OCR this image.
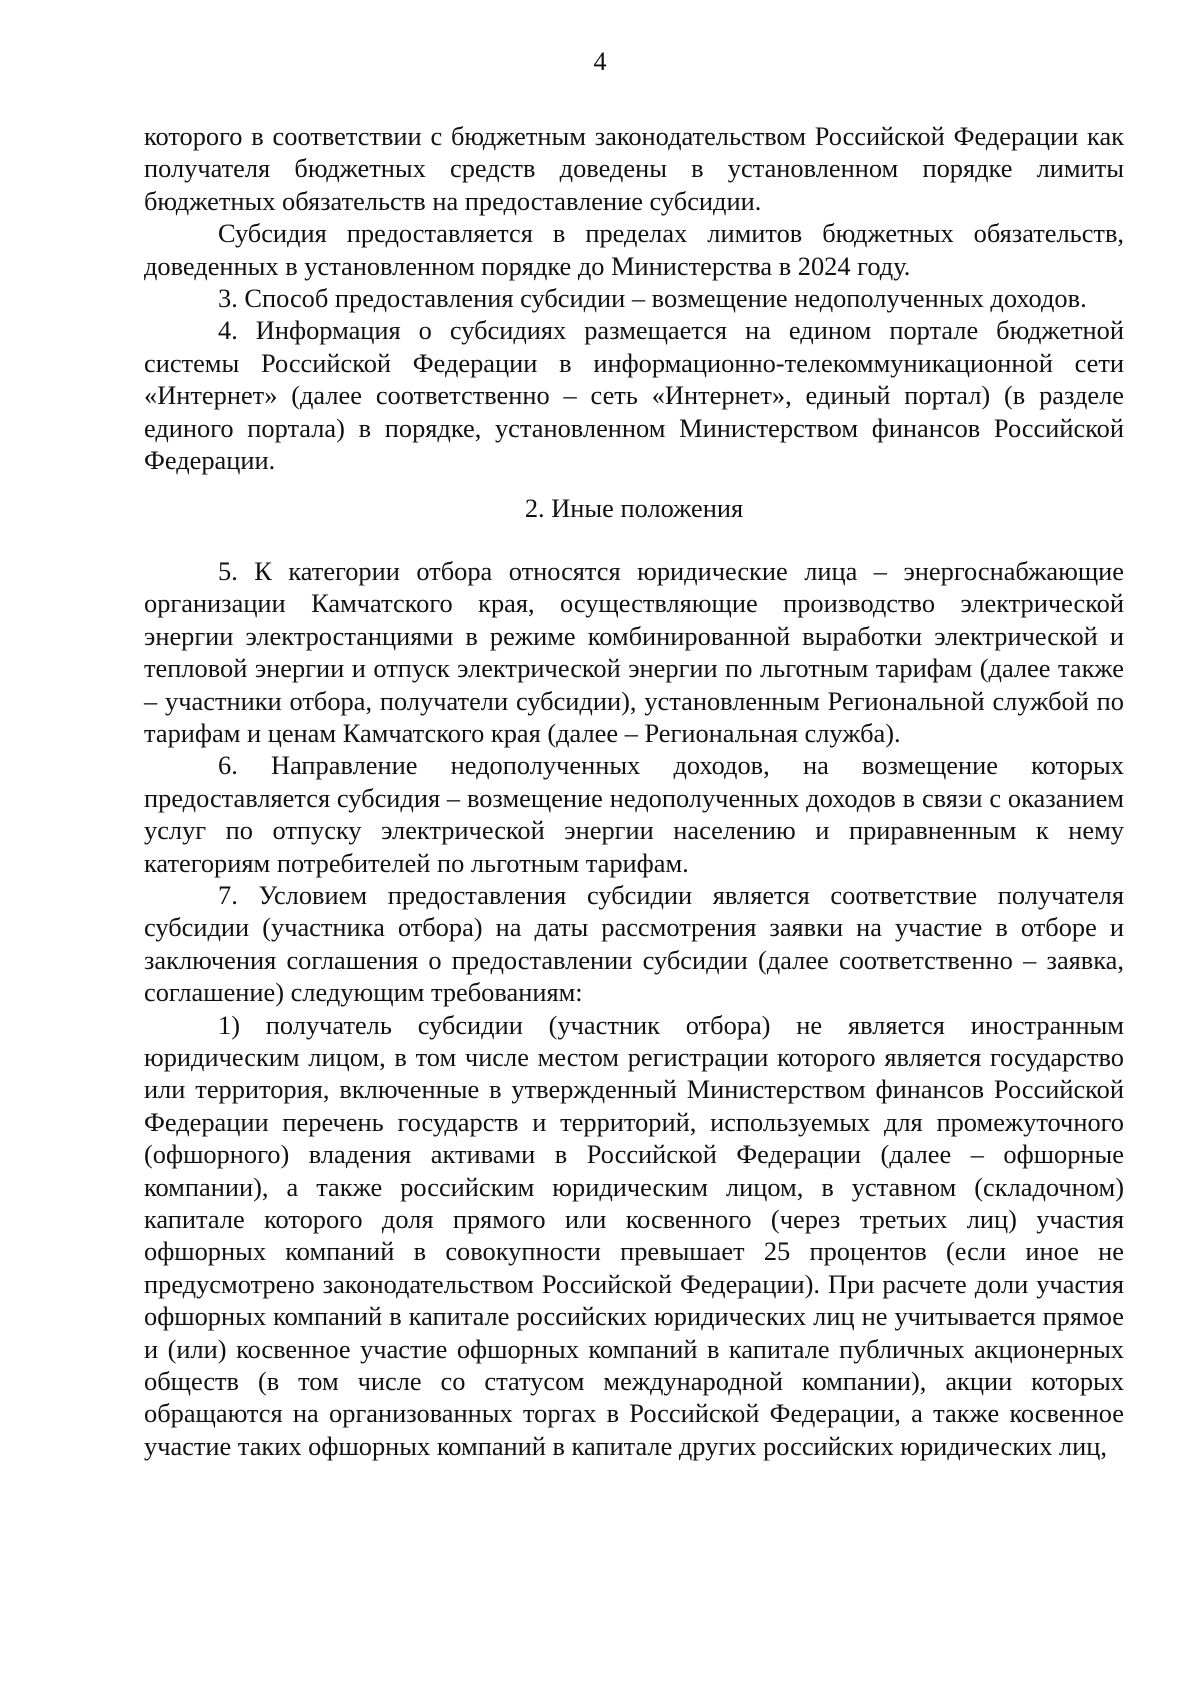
4

которого в соответствии с бюджетным законодательством Российской Федерации как получателя бюджетных средств доведены в установленном порядке лимиты бюджетных обязательств на предоставление субсидии.

Субсидия предоставляется в пределах лимитов бюджетных обязательств, доведенных в установленном порядке до Министерства в 2024 году.

3. Способ предоставления субсидии – возмещение недополученных доходов.

4. Информация о субсидиях размещается на едином портале бюджетной системы Российской Федерации в информационно-телекоммуникационной сети «Интернет» (далее соответственно – сеть «Интернет», единый портал) (в разделе единого портала) в порядке, установленном Министерством финансов Российской Федерации.

2. Иные положения

5. К категории отбора относятся юридические лица – энергоснабжающие организации Камчатского края, осуществляющие производство электрической энергии электростанциями в режиме комбинированной выработки электрической и тепловой энергии и отпуск электрической энергии по льготным тарифам (далее также – участники отбора, получатели субсидии), установленным Региональной службой по тарифам и ценам Камчатского края (далее – Региональная служба).

6. Направление недополученных доходов, на возмещение которых предоставляется субсидия – возмещение недополученных доходов в связи с оказанием услуг по отпуску электрической энергии населению и приравненным к нему категориям потребителей по льготным тарифам.

7. Условием предоставления субсидии является соответствие получателя субсидии (участника отбора) на даты рассмотрения заявки на участие в отборе и заключения соглашения о предоставлении субсидии (далее соответственно – заявка, соглашение) следующим требованиям:

1) получатель субсидии (участник отбора) не является иностранным юридическим лицом, в том числе местом регистрации которого является государство или территория, включенные в утвержденный Министерством финансов Российской Федерации перечень государств и территорий, используемых для промежуточного (офшорного) владения активами в Российской Федерации (далее – офшорные компании), а также российским юридическим лицом, в уставном (складочном) капитале которого доля прямого или косвенного (через третьих лиц) участия офшорных компаний в совокупности превышает 25 процентов (если иное не предусмотрено законодательством Российской Федерации). При расчете доли участия офшорных компаний в капитале российских юридических лиц не учитывается прямое и (или) косвенное участие офшорных компаний в капитале публичных акционерных обществ (в том числе со статусом международной компании), акции которых обращаются на организованных торгах в Российской Федерации, а также косвенное участие таких офшорных компаний в капитале других российских юридических лиц,
